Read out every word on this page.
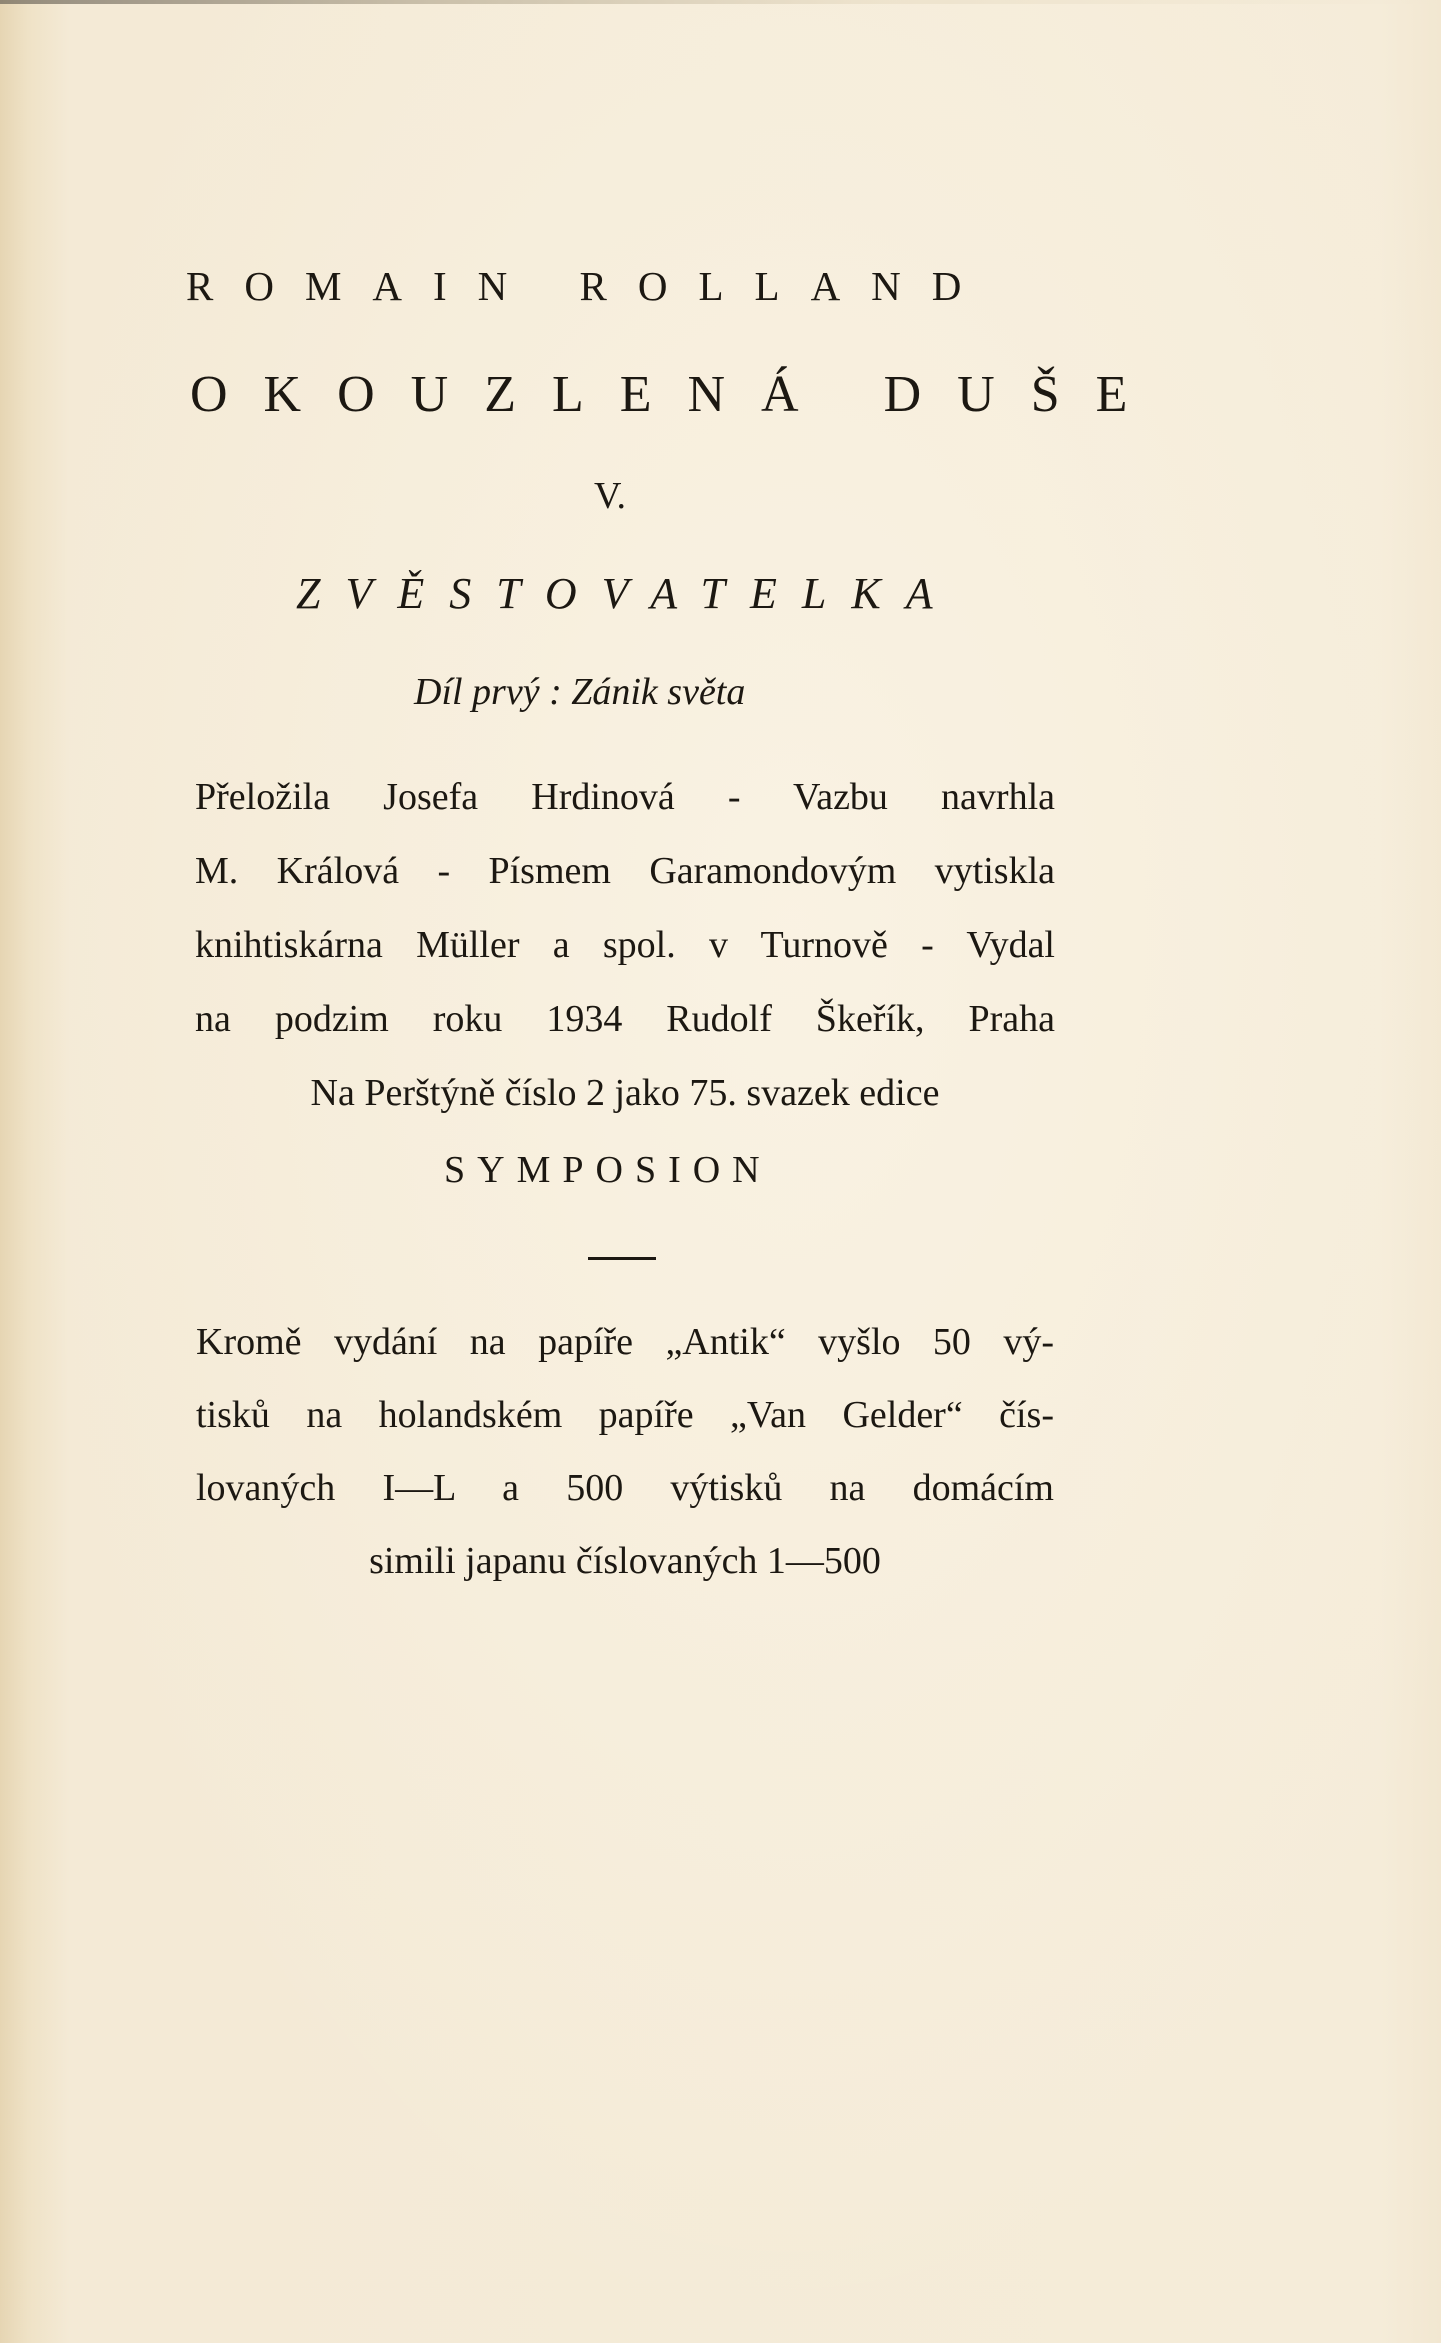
ROMAIN ROLLAND
OKOUZLENÁ DUŠE
V.
ZVĚSTOVATELKA
Díl prvý : Zánik světa
Přeložila Josefa Hrdinová - Vazbu navrhla
M. Králová - Písmem Garamondovým vytiskla
knihtiskárna Müller a spol. v Turnově - Vydal
na podzim roku 1934 Rudolf Škeřík, Praha
Na Perštýně číslo 2 jako 75. svazek edice
SYMPOSION
Kromě vydání na papíře „Antik“ vyšlo 50 vý-
tisků na holandském papíře „Van Gelder“ čís-
lovaných I—L a 500 výtisků na domácím
simili japanu číslovaných 1—500
